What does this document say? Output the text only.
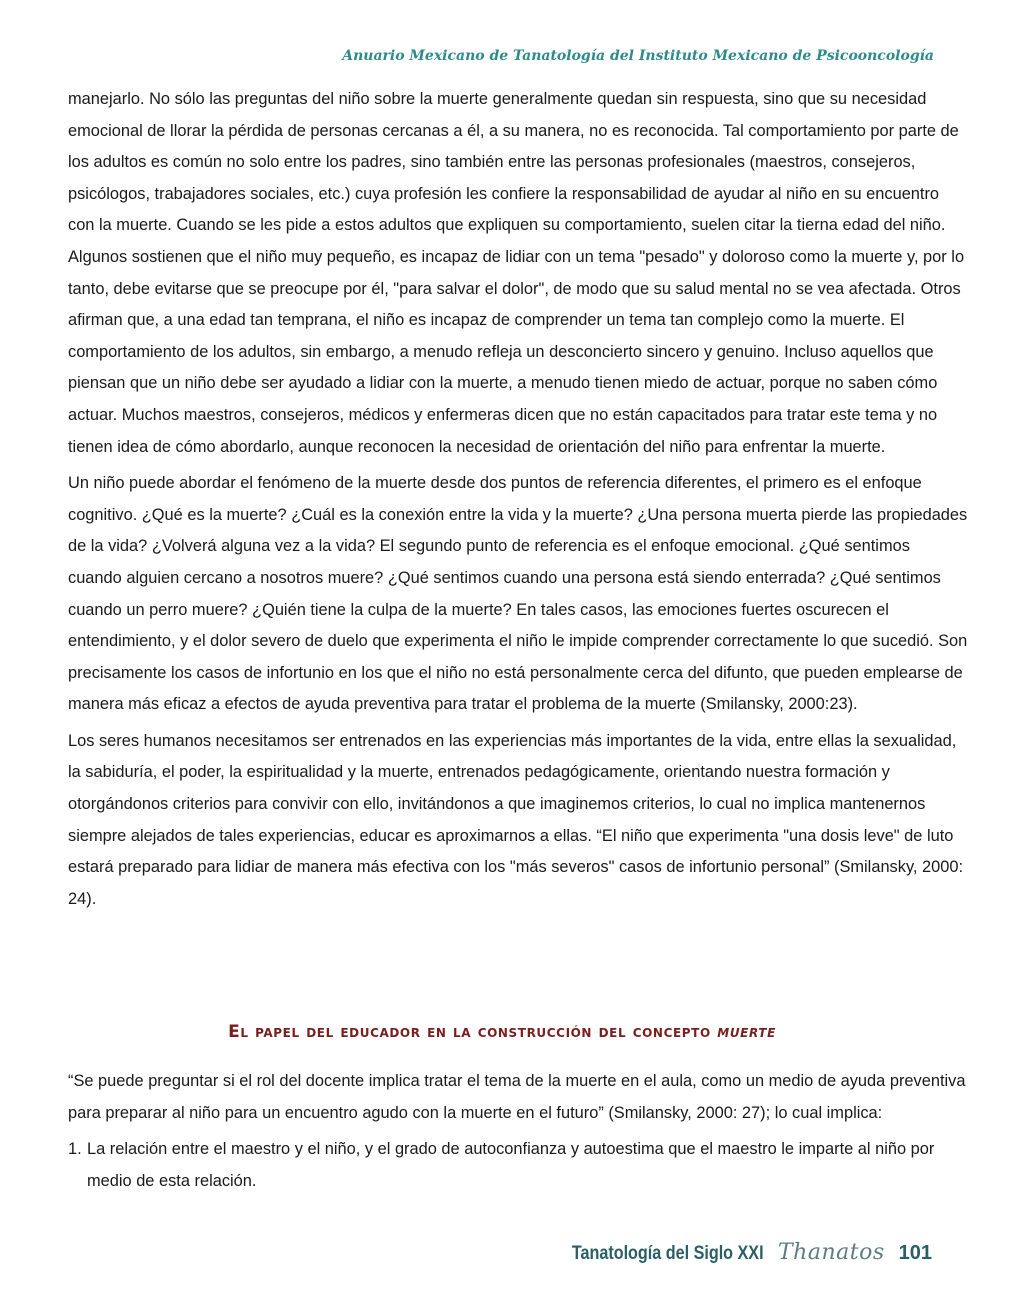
Anuario Mexicano de Tanatología del Instituto Mexicano de Psicooncología

manejarlo. No sólo las preguntas del niño sobre la muerte generalmente quedan sin respuesta, sino que su necesidad emocional de llorar la pérdida de personas cercanas a él, a su manera, no es reconocida. Tal comportamiento por parte de los adultos es común no solo entre los padres, sino también entre las personas profesionales (maestros, consejeros, psicólogos, trabajadores sociales, etc.) cuya profesión les confiere la responsabilidad de ayudar al niño en su encuentro con la muerte. Cuando se les pide a estos adultos que expliquen su comportamiento, suelen citar la tierna edad del niño. Algunos sostienen que el niño muy pequeño, es incapaz de lidiar con un tema "pesado" y doloroso como la muerte y, por lo tanto, debe evitarse que se preocupe por él, "para salvar el dolor", de modo que su salud mental no se vea afectada. Otros afirman que, a una edad tan temprana, el niño es incapaz de comprender un tema tan complejo como la muerte. El comportamiento de los adultos, sin embargo, a menudo refleja un desconcierto sincero y genuino. Incluso aquellos que piensan que un niño debe ser ayudado a lidiar con la muerte, a menudo tienen miedo de actuar, porque no saben cómo actuar. Muchos maestros, consejeros, médicos y enfermeras dicen que no están capacitados para tratar este tema y no tienen idea de cómo abordarlo, aunque reconocen la necesidad de orientación del niño para enfrentar la muerte.

Un niño puede abordar el fenómeno de la muerte desde dos puntos de referencia diferentes, el primero es el enfoque cognitivo. ¿Qué es la muerte? ¿Cuál es la conexión entre la vida y la muerte? ¿Una persona muerta pierde las propiedades de la vida? ¿Volverá alguna vez a la vida? El segundo punto de referencia es el enfoque emocional. ¿Qué sentimos cuando alguien cercano a nosotros muere? ¿Qué sentimos cuando una persona está siendo enterrada? ¿Qué sentimos cuando un perro muere? ¿Quién tiene la culpa de la muerte? En tales casos, las emociones fuertes oscurecen el entendimiento, y el dolor severo de duelo que experimenta el niño le impide comprender correctamente lo que sucedió. Son precisamente los casos de infortunio en los que el niño no está personalmente cerca del difunto, que pueden emplearse de manera más eficaz a efectos de ayuda preventiva para tratar el problema de la muerte (Smilansky, 2000:23).

Los seres humanos necesitamos ser entrenados en las experiencias más importantes de la vida, entre ellas la sexualidad, la sabiduría, el poder, la espiritualidad y la muerte, entrenados pedagógicamente, orientando nuestra formación y otorgándonos criterios para convivir con ello, invitándonos a que imaginemos criterios, lo cual no implica mantenernos siempre alejados de tales experiencias, educar es aproximarnos a ellas. “El niño que experimenta "una dosis leve" de luto estará preparado para lidiar de manera más efectiva con los "más severos" casos de infortunio personal” (Smilansky, 2000: 24).

El papel del educador en la construcción del concepto muerte

“Se puede preguntar si el rol del docente implica tratar el tema de la muerte en el aula, como un medio de ayuda preventiva para preparar al niño para un encuentro agudo con la muerte en el futuro” (Smilansky, 2000: 27); lo cual implica:

1. La relación entre el maestro y el niño, y el grado de autoconfianza y autoestima que el maestro le imparte al niño por medio de esta relación.
Tanatología del Siglo XXI Thanatos 101
